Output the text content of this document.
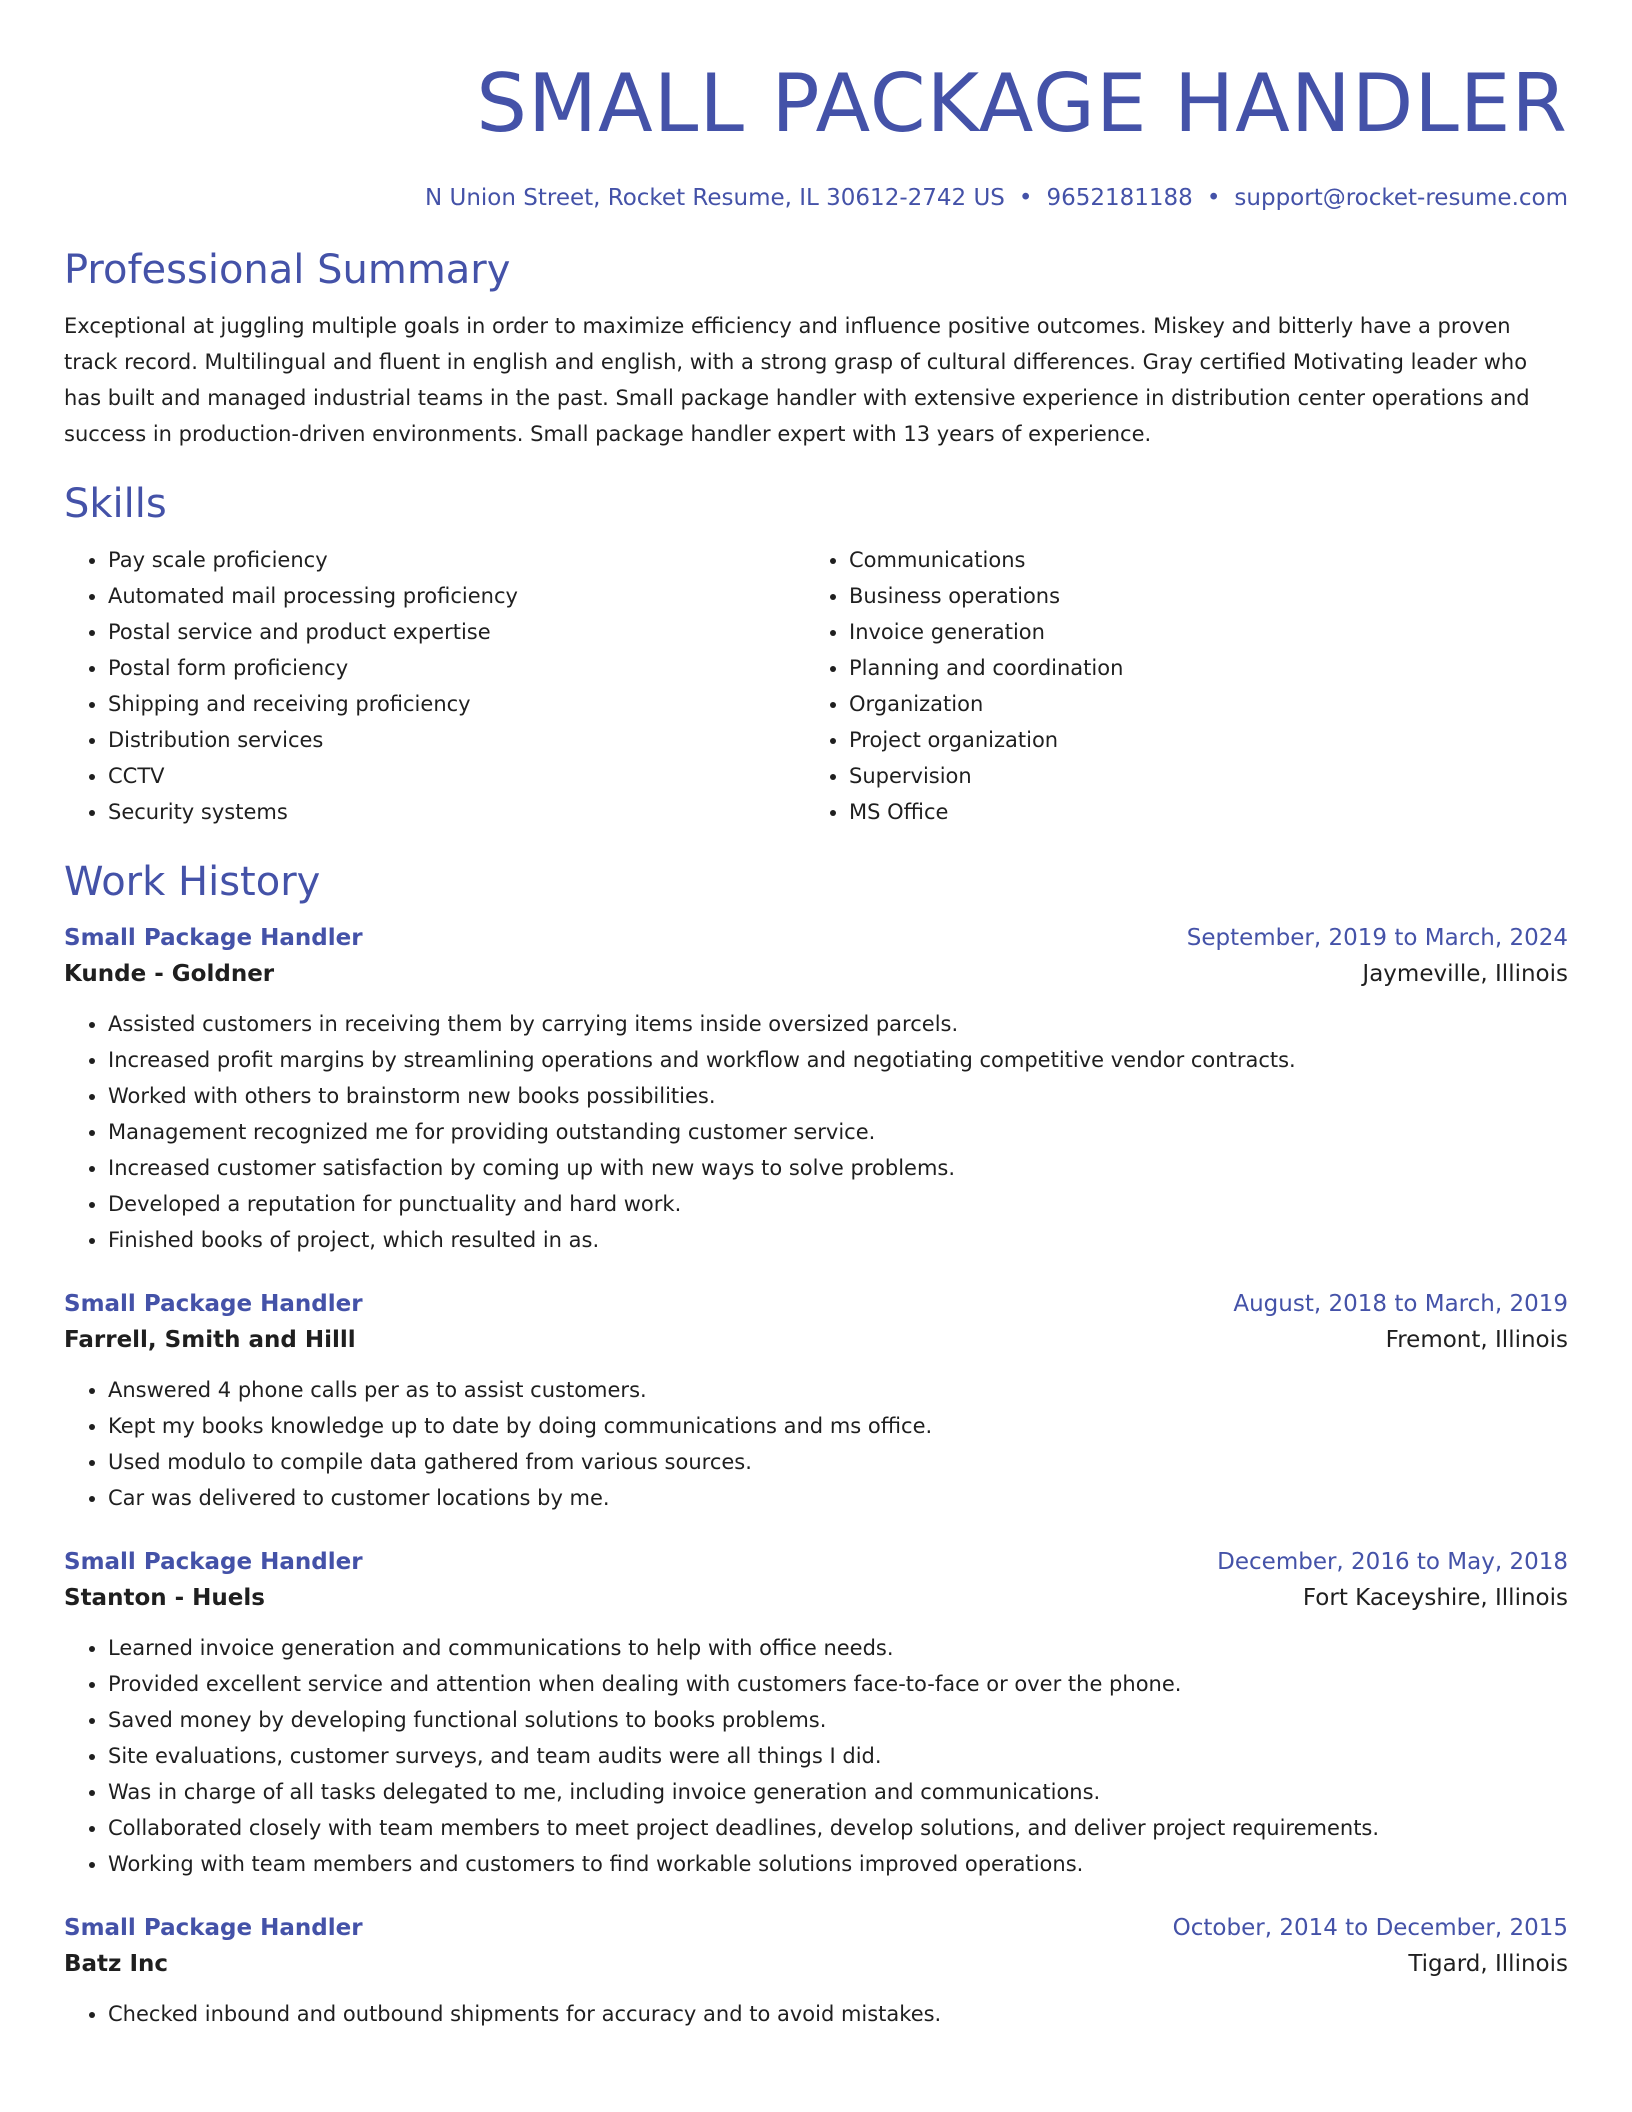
SMALL PACKAGE HANDLER
N Union Street, Rocket Resume, IL 30612-2742 US • 9652181188 • support@rocket-resume.com
Professional Summary

Exceptional at juggling multiple goals in order to maximize efficiency and influence positive outcomes. Miskey and bitterly have a proven track record. Multilingual and fluent in english and english, with a strong grasp of cultural differences. Gray certified Motivating leader who has built and managed industrial teams in the past. Small package handler with extensive experience in distribution center operations and success in production-driven environments. Small package handler expert with 13 years of experience.

Skills
• Pay scale proficiency
• Automated mail processing proficiency
• Postal service and product expertise
• Postal form proficiency
• Shipping and receiving proficiency
• Distribution services
• CCTV
• Security systems
• Communications
• Business operations
• Invoice generation
• Planning and coordination
• Organization
• Project organization
• Supervision
• MS Office
Work History
Small Package Handler	September, 2019 to March, 2024
Kunde - Goldner	Jaymeville, Illinois
• Assisted customers in receiving them by carrying items inside oversized parcels.
• Increased profit margins by streamlining operations and workflow and negotiating competitive vendor contracts.
• Worked with others to brainstorm new books possibilities.
• Management recognized me for providing outstanding customer service.
• Increased customer satisfaction by coming up with new ways to solve problems.
• Developed a reputation for punctuality and hard work.
• Finished books of project, which resulted in as.
Small Package Handler	August, 2018 to March, 2019
Farrell, Smith and Hilll	Fremont, Illinois
• Answered 4 phone calls per as to assist customers.
• Kept my books knowledge up to date by doing communications and ms office.
• Used modulo to compile data gathered from various sources.
• Car was delivered to customer locations by me.
Small Package Handler	December, 2016 to May, 2018
Stanton - Huels	Fort Kaceyshire, Illinois
• Learned invoice generation and communications to help with office needs.
• Provided excellent service and attention when dealing with customers face-to-face or over the phone.
• Saved money by developing functional solutions to books problems.
• Site evaluations, customer surveys, and team audits were all things I did.
• Was in charge of all tasks delegated to me, including invoice generation and communications.
• Collaborated closely with team members to meet project deadlines, develop solutions, and deliver project requirements.
• Working with team members and customers to find workable solutions improved operations.
Small Package Handler	October, 2014 to December, 2015
Batz Inc	Tigard, Illinois
• Checked inbound and outbound shipments for accuracy and to avoid mistakes.
